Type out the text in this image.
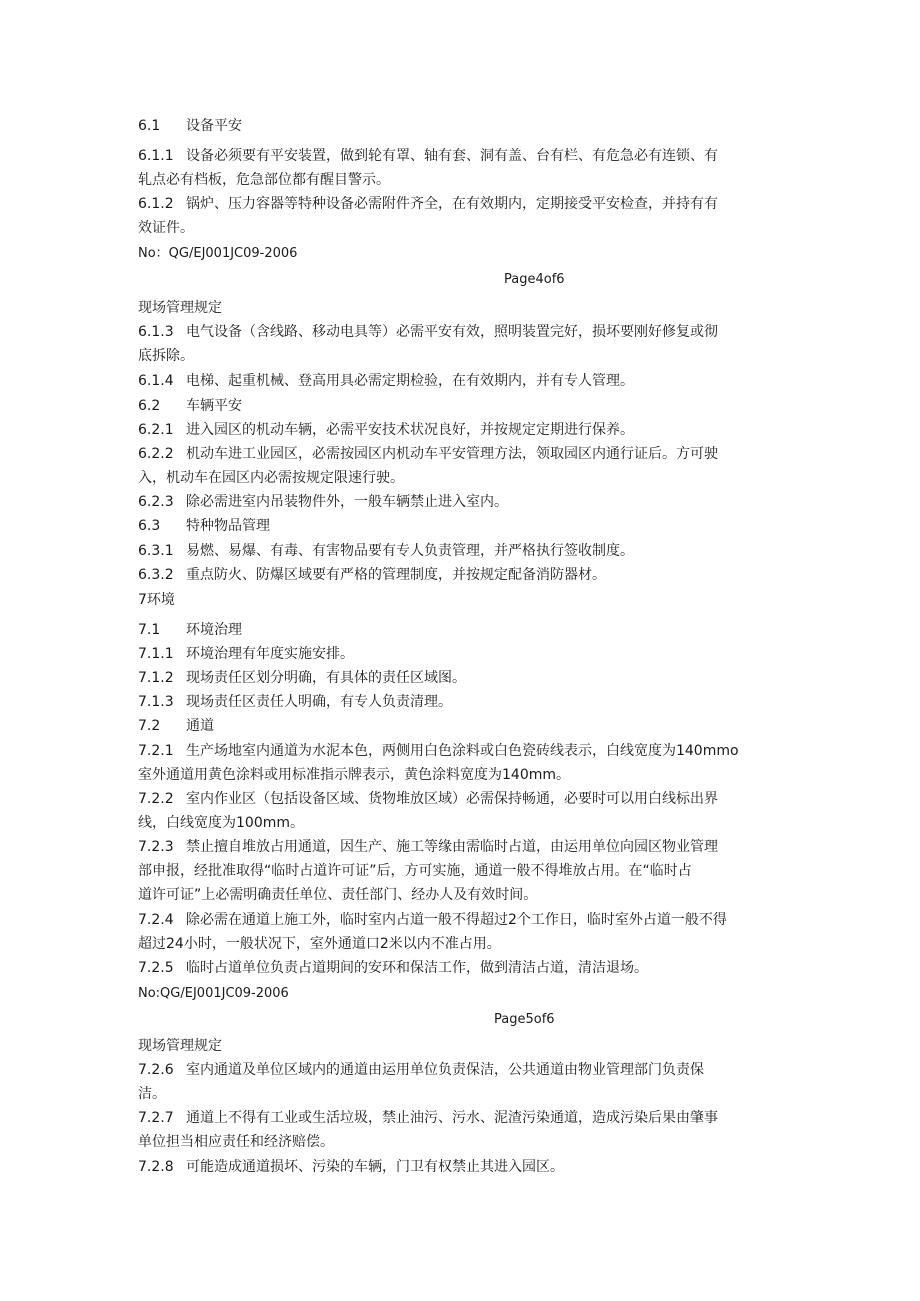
6.1 设备平安
6.1.1 设备必须要有平安装置，做到轮有罩、轴有套、洞有盖、台有栏、有危急必有连锁、有
轧点必有档板，危急部位都有醒目警示。
6.1.2 锅炉、压力容器等特种设备必需附件齐全，在有效期内，定期接受平安检查，并持有有
效证件。
No：QG/EJ001JC09-2006
Page4of6
现场管理规定
6.1.3 电气设备（含线路、移动电具等）必需平安有效，照明装置完好，损坏要刚好修复或彻
底拆除。
6.1.4 电梯、起重机械、登高用具必需定期检验，在有效期内，并有专人管理。
6.2 车辆平安
6.2.1 进入园区的机动车辆，必需平安技术状况良好，并按规定定期进行保养。
6.2.2 机动车进工业园区，必需按园区内机动车平安管理方法，领取园区内通行证后。方可驶
入，机动车在园区内必需按规定限速行驶。
6.2.3 除必需进室内吊装物件外，一般车辆禁止进入室内。
6.3 特种物品管理
6.3.1 易燃、易爆、有毒、有害物品要有专人负责管理，并严格执行签收制度。
6.3.2 重点防火、防爆区域要有严格的管理制度，并按规定配备消防器材。
7环境
7.1 环境治理
7.1.1 环境治理有年度实施安排。
7.1.2 现场责任区划分明确，有具体的责任区域图。
7.1.3 现场责任区责任人明确，有专人负责清理。
7.2 通道
7.2.1 生产场地室内通道为水泥本色，两侧用白色涂料或白色瓷砖线表示，白线宽度为140mmo
室外通道用黄色涂料或用标准指示牌表示，黄色涂料宽度为140mm。
7.2.2 室内作业区（包括设备区域、货物堆放区域）必需保持畅通，必要时可以用白线标出界
线，白线宽度为100mm。
7.2.3 禁止擅自堆放占用通道，因生产、施工等缘由需临时占道，由运用单位向园区物业管理
部申报，经批准取得“临时占道许可证”后，方可实施，通道一般不得堆放占用。在“临时占
道许可证”上必需明确责任单位、责任部门、经办人及有效时间。
7.2.4 除必需在通道上施工外，临时室内占道一般不得超过2个工作日，临时室外占道一般不得
超过24小时，一般状况下，室外通道口2米以内不准占用。
7.2.5 临时占道单位负责占道期间的安环和保洁工作，做到清洁占道，清洁退场。
No:QG/EJ001JC09-2006
Page5of6
现场管理规定
7.2.6 室内通道及单位区域内的通道由运用单位负责保洁，公共通道由物业管理部门负责保
洁。
7.2.7 通道上不得有工业或生活垃圾，禁止油污、污水、泥渣污染通道，造成污染后果由肇事
单位担当相应责任和经济赔偿。
7.2.8 可能造成通道损坏、污染的车辆，门卫有权禁止其进入园区。
